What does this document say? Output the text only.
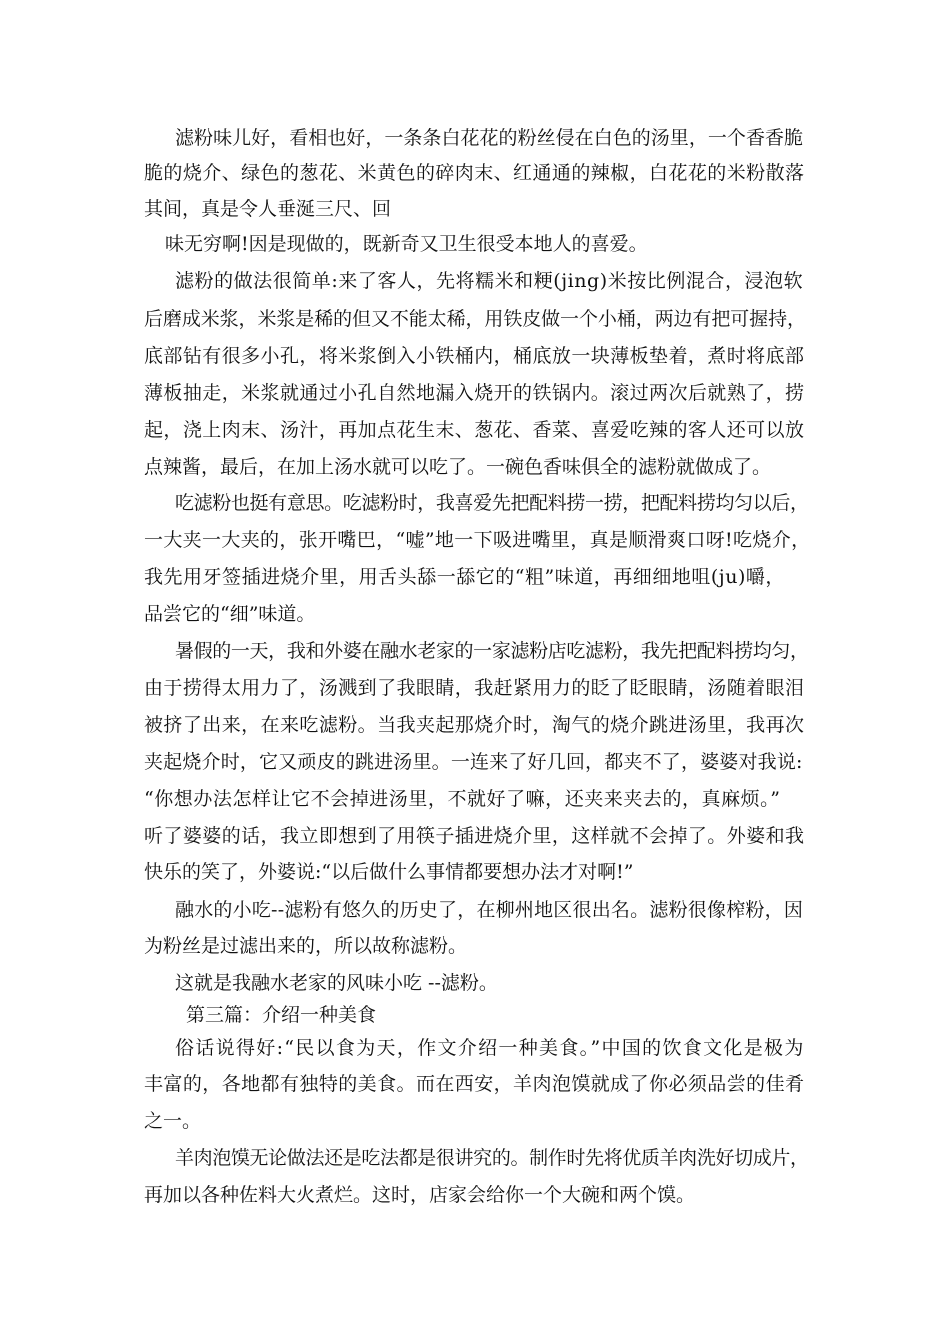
滤粉味儿好，看相也好，一条条白花花的粉丝侵在白色的汤里，一个香香脆
脆的烧介、绿色的葱花、米黄色的碎肉末、红通通的辣椒，白花花的米粉散落
其间，真是令人垂涎三尺、回
味无穷啊!因是现做的，既新奇又卫生很受本地人的喜爱。
滤粉的做法很简单:来了客人，先将糯米和粳(jing)米按比例混合，浸泡软
后磨成米浆，米浆是稀的但又不能太稀，用铁皮做一个小桶，两边有把可握持，
底部钻有很多小孔，将米浆倒入小铁桶内，桶底放一块薄板垫着，煮时将底部
薄板抽走，米浆就通过小孔自然地漏入烧开的铁锅内。滚过两次后就熟了，捞
起，浇上肉末、汤汁，再加点花生末、葱花、香菜、喜爱吃辣的客人还可以放
点辣酱，最后，在加上汤水就可以吃了。一碗色香味俱全的滤粉就做成了。
吃滤粉也挺有意思。吃滤粉时，我喜爱先把配料捞一捞，把配料捞均匀以后，
一大夹一大夹的，张开嘴巴，“嘘”地一下吸进嘴里，真是顺滑爽口呀!吃烧介，
我先用牙签插进烧介里，用舌头舔一舔它的“粗”味道，再细细地咀(ju)嚼，
品尝它的“细”味道。
暑假的一天，我和外婆在融水老家的一家滤粉店吃滤粉，我先把配料捞均匀，
由于捞得太用力了，汤溅到了我眼睛，我赶紧用力的眨了眨眼睛，汤随着眼泪
被挤了出来，在来吃滤粉。当我夹起那烧介时，淘气的烧介跳进汤里，我再次
夹起烧介时，它又顽皮的跳进汤里。一连来了好几回，都夹不了，婆婆对我说:
“你想办法怎样让它不会掉进汤里，不就好了嘛，还夹来夹去的，真麻烦。”
听了婆婆的话，我立即想到了用筷子插进烧介里，这样就不会掉了。外婆和我
快乐的笑了，外婆说:“以后做什么事情都要想办法才对啊!”
融水的小吃--滤粉有悠久的历史了，在柳州地区很出名。滤粉很像榨粉，因
为粉丝是过滤出来的，所以故称滤粉。
这就是我融水老家的风味小吃 --滤粉。
第三篇：介绍一种美食
俗话说得好:“民以食为天，作文介绍一种美食。”中国的饮食文化是极为
丰富的，各地都有独特的美食。而在西安，羊肉泡馍就成了你必须品尝的佳肴
之一。
羊肉泡馍无论做法还是吃法都是很讲究的。制作时先将优质羊肉洗好切成片，
再加以各种佐料大火煮烂。这时，店家会给你一个大碗和两个馍。
